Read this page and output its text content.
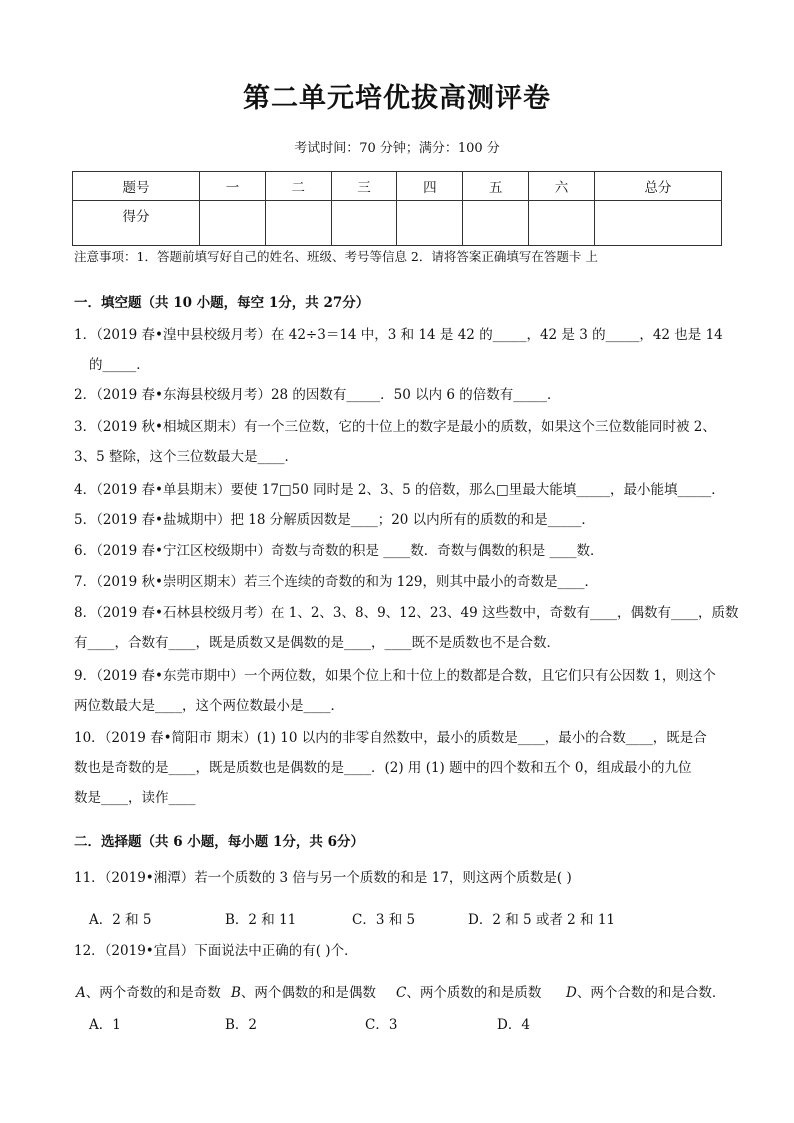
第二单元培优拔高测评卷
考试时间：70 分钟；满分：100 分
题号	一	二	三	四	五	六	总分
得分							
注意事项：1．答题前填写好自己的姓名、班级、考号等信息 2．请将答案正确填写在答题卡 上
一．填空题（共 10 小题，每空 1分，共 27分）
1．（2019 春•湟中县校级月考）在 42÷3＝14 中，3 和 14 是 42 的_____，42 是 3 的_____，42 也是 14
的_____．
2．（2019 春•东海县校级月考）28 的因数有_____．50 以内 6 的倍数有_____．
3．（2019 秋•相城区期末）有一个三位数，它的十位上的数字是最小的质数，如果这个三位数能同时被 2、
3、5 整除，这个三位数最大是____．
4．（2019 春•单县期末）要使 17□50 同时是 2、3、5 的倍数，那么□里最大能填_____，最小能填_____．
5．（2019 春•盐城期中）把 18 分解质因数是____；20 以内所有的质数的和是_____．
6．（2019 春•宁江区校级期中）奇数与奇数的积是 ____数．奇数与偶数的积是 ____数．
7．（2019 秋•崇明区期末）若三个连续的奇数的和为 129，则其中最小的奇数是____．
8．（2019 春•石林县校级月考）在 1、2、3、8、9、12、23、49 这些数中，奇数有____，偶数有____，质数
有____，合数有____，既是质数又是偶数的是____，____既不是质数也不是合数．
9．（2019 春•东莞市期中）一个两位数，如果个位上和十位上的数都是合数，且它们只有公因数 1，则这个
两位数最大是____，这个两位数最小是____．
10．（2019 春•简阳市 期末）(1) 10 以内的非零自然数中，最小的质数是____，最小的合数____，既是合
数也是奇数的是____，既是质数也是偶数的是____．(2) 用 (1) 题中的四个数和五个 0，组成最小的九位
数是____，读作____
二．选择题（共 6 小题，每小题 1分，共 6分）
11．（2019•湘潭）若一个质数的 3 倍与另一个质数的和是 17，则这两个质数是( )
A．2 和 5	B．2 和 11	C．3 和 5	D．2 和 5 或者 2 和 11
12．（2019•宜昌）下面说法中正确的有( )个．
A、两个奇数的和是奇数 B、两个偶数的和是偶数 C、两个质数的和是质数 D、两个合数的和是合数．
A．1	B．2	C．3	D．4
